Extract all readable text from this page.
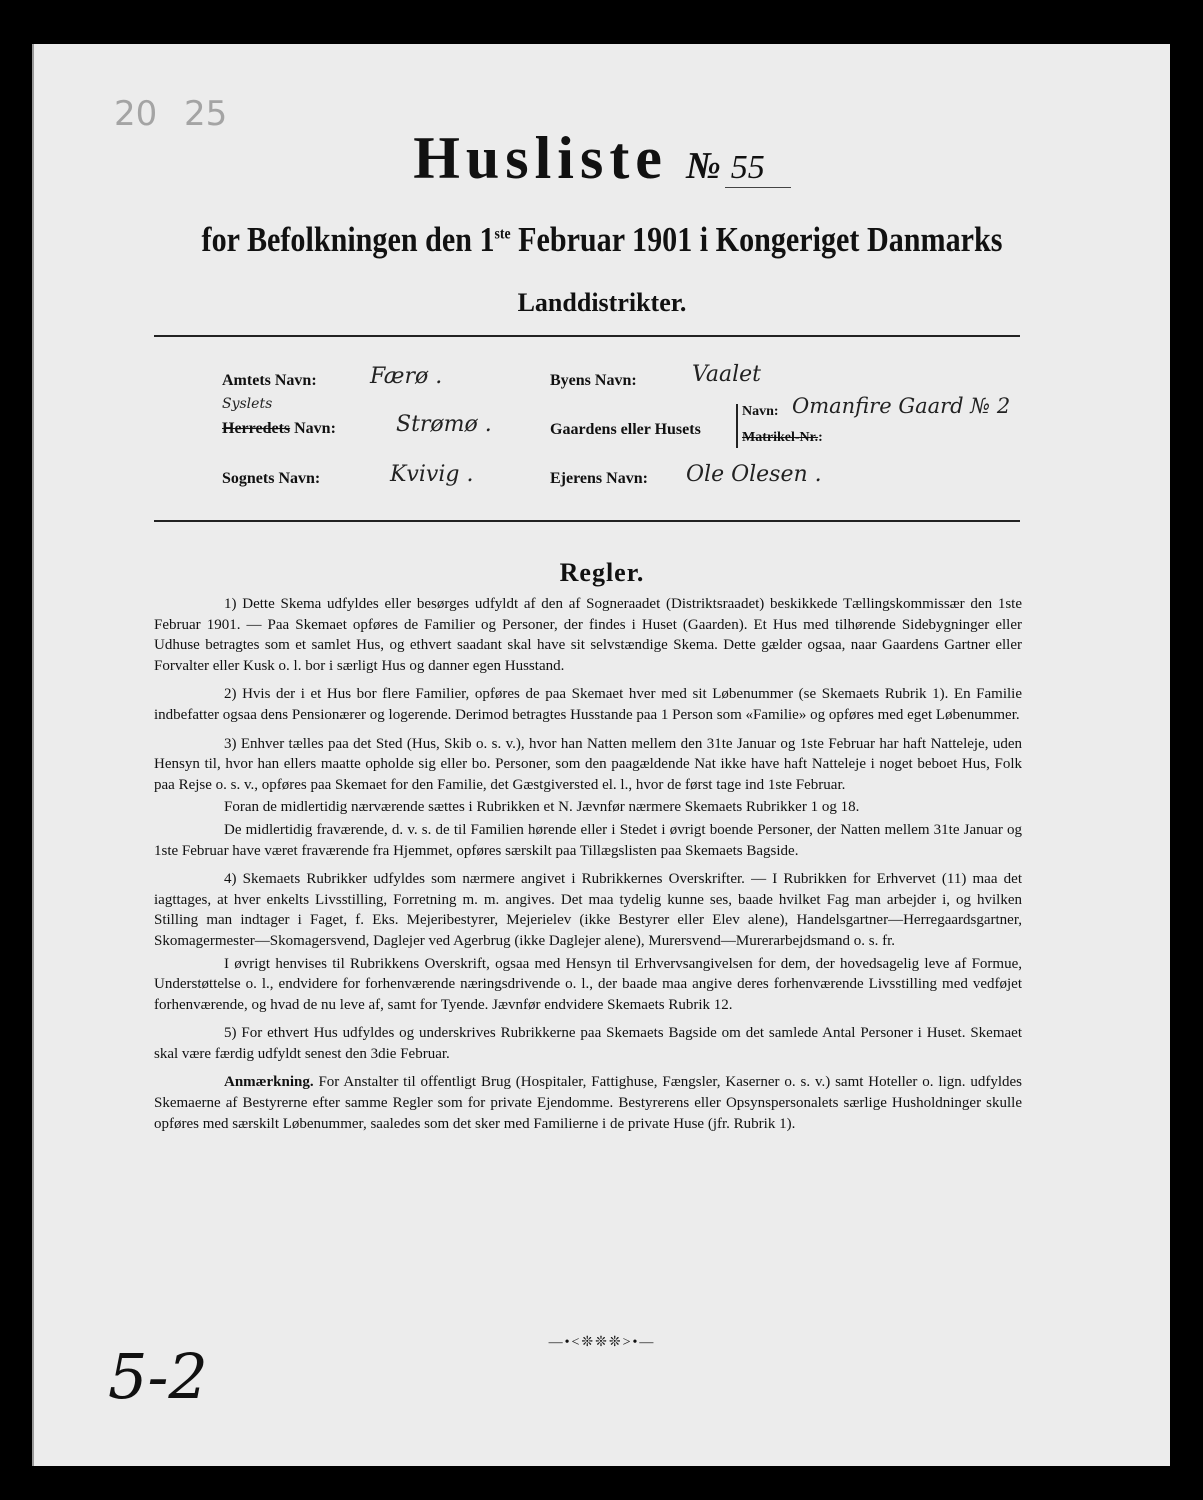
20 25
Husliste № 55
for Befolkningen den 1ste Februar 1901 i Kongeriget Danmarks
Landdistrikter.
Amtets Navn: Færø .
Syslets
Herredets Navn:	Strømø .
Sognets Navn:	Kvivig .
Byens Navn:	Vaalet
Gaardens eller Husets
Navn: Omanfire Gaard № 2
Matrikel-Nr.:
Ejerens Navn: Ole Olesen .
Regler.

1) Dette Skema udfyldes eller besørges udfyldt af den af Sogneraadet (Distriktsraadet) beskikkede Tællingskommissær den 1ste Februar 1901. — Paa Skemaet opføres de Familier og Personer, der findes i Huset (Gaarden). Et Hus med tilhørende Sidebygninger eller Udhuse betragtes som et samlet Hus, og ethvert saadant skal have sit selvstændige Skema. Dette gælder ogsaa, naar Gaardens Gartner eller Forvalter eller Kusk o. l. bor i særligt Hus og danner egen Husstand.

2) Hvis der i et Hus bor flere Familier, opføres de paa Skemaet hver med sit Løbenummer (se Skemaets Rubrik 1). En Familie indbefatter ogsaa dens Pensionærer og logerende. Derimod betragtes Husstande paa 1 Person som «Familie» og opføres med eget Løbenummer.

3) Enhver tælles paa det Sted (Hus, Skib o. s. v.), hvor han Natten mellem den 31te Januar og 1ste Februar har haft Natteleje, uden Hensyn til, hvor han ellers maatte opholde sig eller bo. Personer, som den paagældende Nat ikke have haft Natteleje i noget beboet Hus, Folk paa Rejse o. s. v., opføres paa Skemaet for den Familie, det Gæstgiversted el. l., hvor de først tage ind 1ste Februar.

Foran de midlertidig nærværende sættes i Rubrikken et N. Jævnfør nærmere Skemaets Rubrikker 1 og 18.

De midlertidig fraværende, d. v. s. de til Familien hørende eller i Stedet i øvrigt boende Personer, der Natten mellem 31te Januar og 1ste Februar have været fraværende fra Hjemmet, opføres særskilt paa Tillægslisten paa Skemaets Bagside.

4) Skemaets Rubrikker udfyldes som nærmere angivet i Rubrikkernes Overskrifter. — I Rubrikken for Erhvervet (11) maa det iagttages, at hver enkelts Livsstilling, Forretning m. m. angives. Det maa tydelig kunne ses, baade hvilket Fag man arbejder i, og hvilken Stilling man indtager i Faget, f. Eks. Mejeribestyrer, Mejerielev (ikke Bestyrer eller Elev alene), Handelsgartner—Herregaardsgartner, Skomagermester—Skomagersvend, Daglejer ved Agerbrug (ikke Daglejer alene), Murersvend—Murerarbejdsmand o. s. fr.

I øvrigt henvises til Rubrikkens Overskrift, ogsaa med Hensyn til Erhvervsangivelsen for dem, der hovedsagelig leve af Formue, Understøttelse o. l., endvidere for forhenværende næringsdrivende o. l., der baade maa angive deres forhenværende Livsstilling med vedføjet forhenværende, og hvad de nu leve af, samt for Tyende. Jævnfør endvidere Skemaets Rubrik 12.

5) For ethvert Hus udfyldes og underskrives Rubrikkerne paa Skemaets Bagside om det samlede Antal Personer i Huset. Skemaet skal være færdig udfyldt senest den 3die Februar.

Anmærkning. For Anstalter til offentligt Brug (Hospitaler, Fattighuse, Fængsler, Kaserner o. s. v.) samt Hoteller o. lign. udfyldes Skemaerne af Bestyrerne efter samme Regler som for private Ejendomme. Bestyrerens eller Opsynspersonalets særlige Husholdninger skulle opføres med særskilt Løbenummer, saaledes som det sker med Familierne i de private Huse (jfr. Rubrik 1).

—•<❊❊❊>•—
5-2
